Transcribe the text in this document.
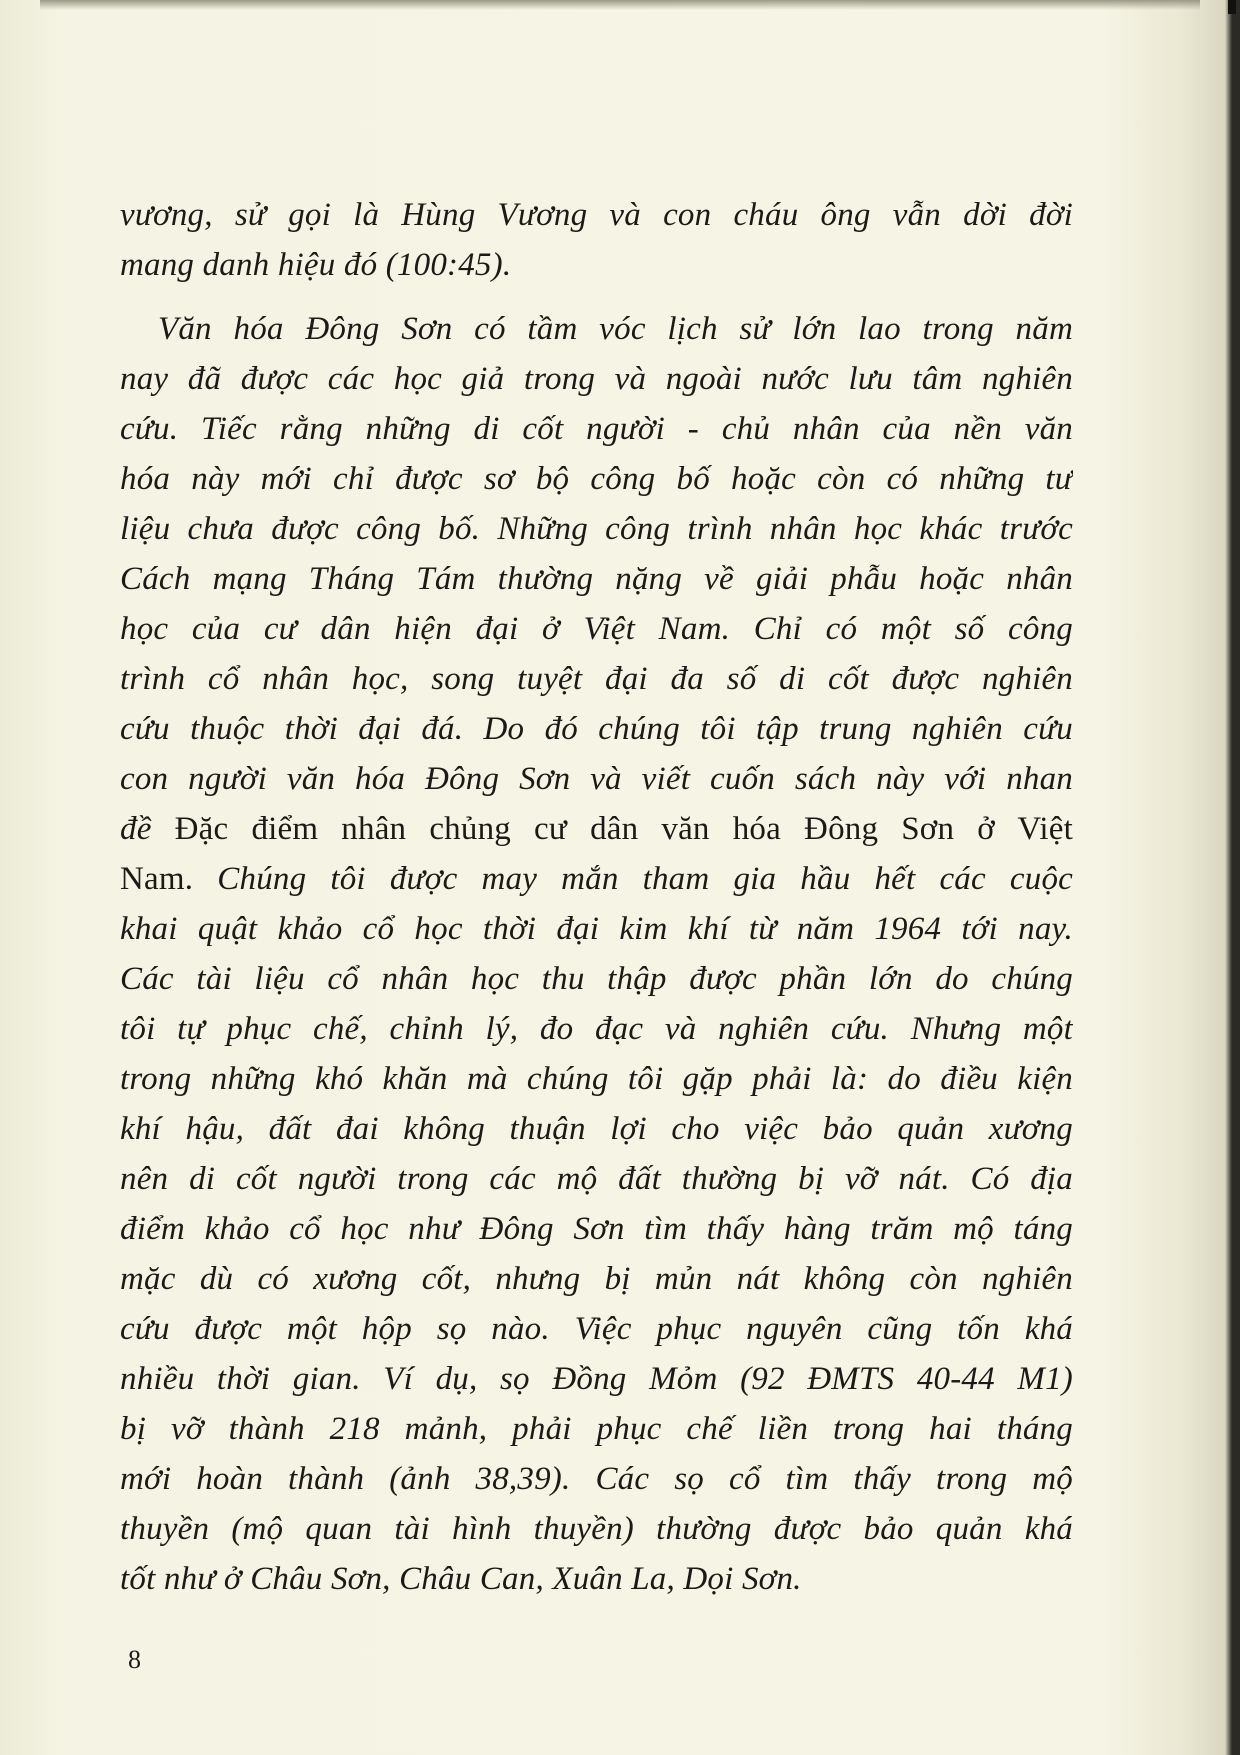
vương, sử gọi là Hùng Vương và con cháu ông vẫn dời đời
mang danh hiệu đó (100:45).
Văn hóa Đông Sơn có tầm vóc lịch sử lớn lao trong năm
nay đã được các học giả trong và ngoài nước lưu tâm nghiên
cứu. Tiếc rằng những di cốt người - chủ nhân của nền văn
hóa này mới chỉ được sơ bộ công bố hoặc còn có những tư
liệu chưa được công bố. Những công trình nhân học khác trước
Cách mạng Tháng Tám thường nặng về giải phẫu hoặc nhân
học của cư dân hiện đại ở Việt Nam. Chỉ có một số công
trình cổ nhân học, song tuyệt đại đa số di cốt được nghiên
cứu thuộc thời đại đá. Do đó chúng tôi tập trung nghiên cứu
con người văn hóa Đông Sơn và viết cuốn sách này với nhan
đề Đặc điểm nhân chủng cư dân văn hóa Đông Sơn ở Việt
Nam. Chúng tôi được may mắn tham gia hầu hết các cuộc
khai quật khảo cổ học thời đại kim khí từ năm 1964 tới nay.
Các tài liệu cổ nhân học thu thập được phần lớn do chúng
tôi tự phục chế, chỉnh lý, đo đạc và nghiên cứu. Nhưng một
trong những khó khăn mà chúng tôi gặp phải là: do điều kiện
khí hậu, đất đai không thuận lợi cho việc bảo quản xương
nên di cốt người trong các mộ đất thường bị vỡ nát. Có địa
điểm khảo cổ học như Đông Sơn tìm thấy hàng trăm mộ táng
mặc dù có xương cốt, nhưng bị mủn nát không còn nghiên
cứu được một hộp sọ nào. Việc phục nguyên cũng tốn khá
nhiều thời gian. Ví dụ, sọ Đồng Mỏm (92 ĐMTS 40-44 M1)
bị vỡ thành 218 mảnh, phải phục chế liền trong hai tháng
mới hoàn thành (ảnh 38,39). Các sọ cổ tìm thấy trong mộ
thuyền (mộ quan tài hình thuyền) thường được bảo quản khá
tốt như ở Châu Sơn, Châu Can, Xuân La, Dọi Sơn.
8
